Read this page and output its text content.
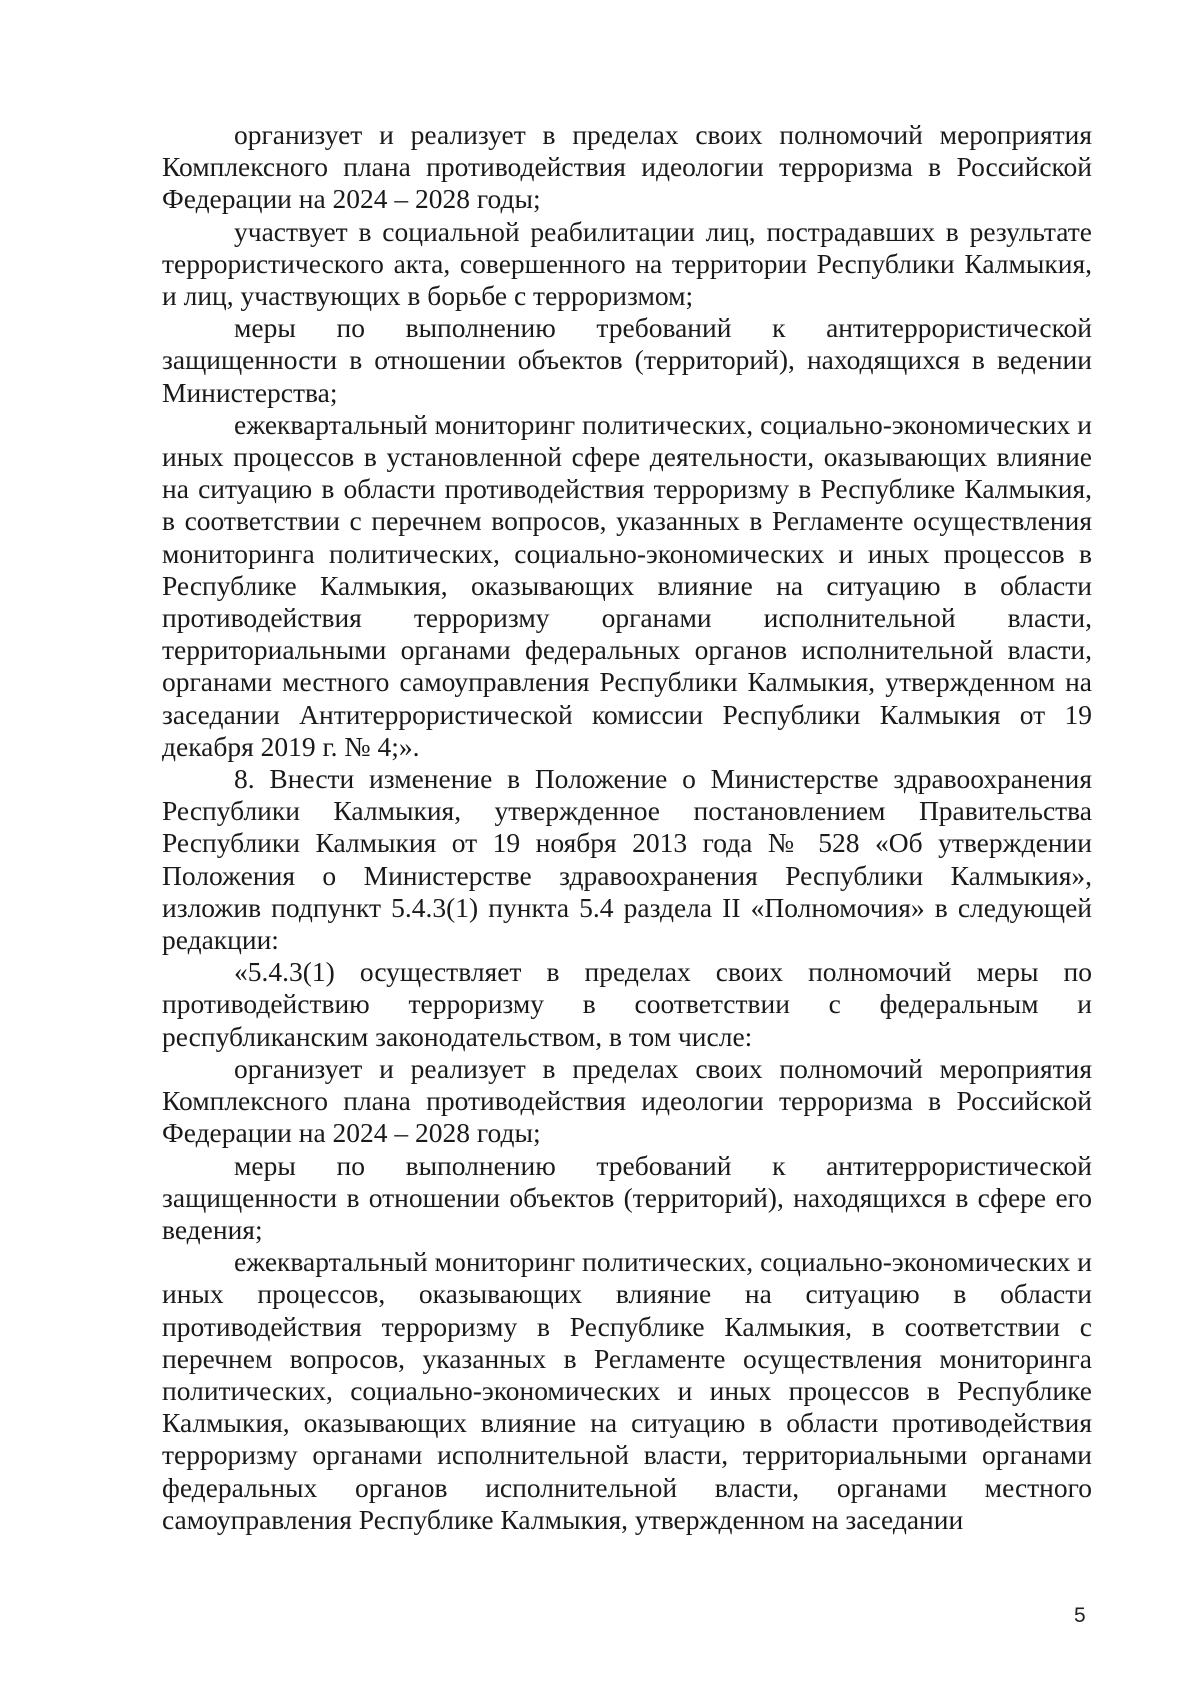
организует и реализует в пределах своих полномочий мероприятия Комплексного плана противодействия идеологии терроризма в Российской Федерации на 2024 – 2028 годы;

участвует в социальной реабилитации лиц, пострадавших в результате террористического акта, совершенного на территории Республики Калмыкия, и лиц, участвующих в борьбе с терроризмом;

меры по выполнению требований к антитеррористической защищенности в отношении объектов (территорий), находящихся в ведении Министерства;

ежеквартальный мониторинг политических, социально-экономических и иных процессов в установленной сфере деятельности, оказывающих влияние на ситуацию в области противодействия терроризму в Республике Калмыкия, в соответствии с перечнем вопросов, указанных в Регламенте осуществления мониторинга политических, социально-экономических и иных процессов в Республике Калмыкия, оказывающих влияние на ситуацию в области противодействия терроризму органами исполнительной власти, территориальными органами федеральных органов исполнительной власти, органами местного самоуправления Республики Калмыкия, утвержденном на заседании Антитеррористической комиссии Республики Калмыкия от 19 декабря 2019 г. № 4;».

8. Внести изменение в Положение о Министерстве здравоохранения Республики Калмыкия, утвержденное постановлением Правительства Республики Калмыкия от 19 ноября 2013 года № 528 «Об утверждении Положения о Министерстве здравоохранения Республики Калмыкия», изложив подпункт 5.4.3(1) пункта 5.4 раздела II «Полномочия» в следующей редакции:

«5.4.3(1) осуществляет в пределах своих полномочий меры по противодействию терроризму в соответствии с федеральным и республиканским законодательством, в том числе:

организует и реализует в пределах своих полномочий мероприятия Комплексного плана противодействия идеологии терроризма в Российской Федерации на 2024 – 2028 годы;

меры по выполнению требований к антитеррористической защищенности в отношении объектов (территорий), находящихся в сфере его ведения;

ежеквартальный мониторинг политических, социально-экономических и иных процессов, оказывающих влияние на ситуацию в области противодействия терроризму в Республике Калмыкия, в соответствии с перечнем вопросов, указанных в Регламенте осуществления мониторинга политических, социально-экономических и иных процессов в Республике Калмыкия, оказывающих влияние на ситуацию в области противодействия терроризму органами исполнительной власти, территориальными органами федеральных органов исполнительной власти, органами местного самоуправления Республике Калмыкия, утвержденном на заседании

5
